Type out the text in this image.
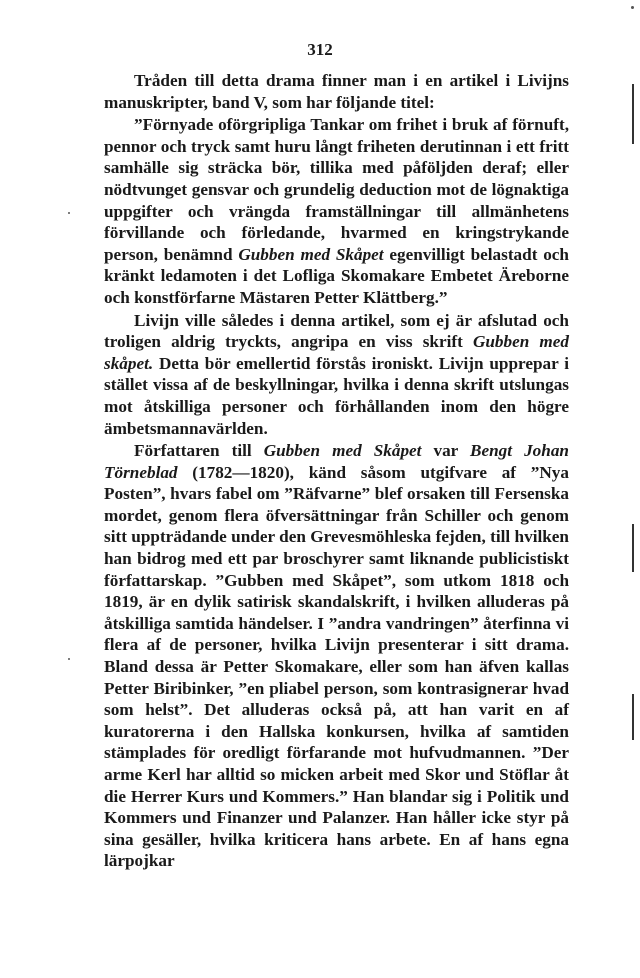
312

Tråden till detta drama finner man i en artikel i Livijns manuskripter, band V, som har följande titel:

”Förnyade oförgripliga Tankar om frihet i bruk af förnuft, pennor och tryck samt huru långt friheten derutinnan i ett fritt samhälle sig sträcka bör, tillika med påföljden deraf; eller nödtvunget gensvar och grundelig deduction mot de lögnaktiga uppgifter och vrängda framställningar till allmänhetens förvillande och förledande, hvarmed en kringstrykande person, benämnd Gubben med Skåpet egenvilligt belastadt och kränkt ledamoten i det Lofliga Skomakare Embetet Äreborne och konstförfarne Mästaren Petter Klättberg.”

Livijn ville således i denna artikel, som ej är afslutad och troligen aldrig tryckts, angripa en viss skrift Gubben med skåpet. Detta bör emellertid förstås ironiskt. Livijn upprepar i stället vissa af de beskyllningar, hvilka i denna skrift utslungas mot åtskilliga personer och förhållanden inom den högre ämbetsmannavärlden.

Författaren till Gubben med Skåpet var Bengt Johan Törneblad (1782—1820), känd såsom utgifvare af ”Nya Posten”, hvars fabel om ”Räfvarne” blef orsaken till Fersenska mordet, genom flera öfversättningar från Schiller och genom sitt uppträdande under den Grevesmöhleska fejden, till hvilken han bidrog med ett par broschyrer samt liknande publicistiskt författarskap. ”Gubben med Skåpet”, som utkom 1818 och 1819, är en dylik satirisk skandalskrift, i hvilken alluderas på åtskilliga samtida händelser. I ”andra vandringen” återfinna vi flera af de personer, hvilka Livijn presenterar i sitt drama. Bland dessa är Petter Skomakare, eller som han äfven kallas Petter Biribinker, ”en pliabel person, som kontrasignerar hvad som helst”. Det alluderas också på, att han varit en af kuratorerna i den Hallska konkursen, hvilka af samtiden stämplades för oredligt förfarande mot hufvudmannen. ”Der arme Kerl har alltid so micken arbeit med Skor und Stöflar åt die Herrer Kurs und Kommers.” Han blandar sig i Politik und Kommers und Finanzer und Palanzer. Han håller icke styr på sina gesäller, hvilka kriticera hans arbete. En af hans egna lärpojkar
